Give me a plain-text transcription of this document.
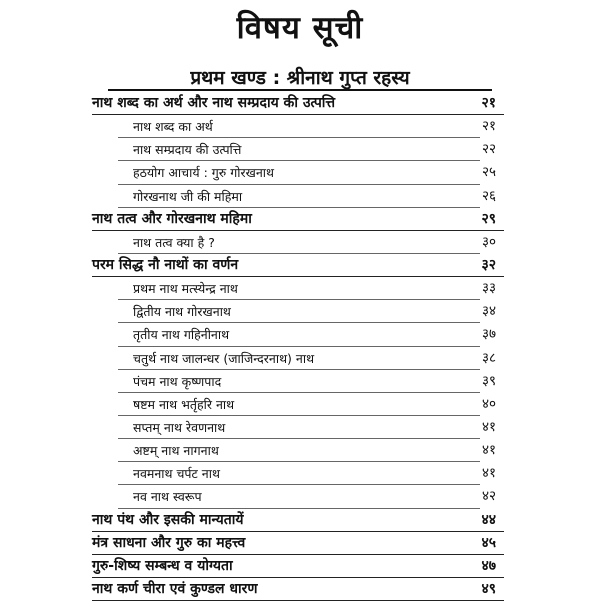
विषय सूची
प्रथम खण्ड : श्रीनाथ गुप्त रहस्य
नाथ शब्द का अर्थ और नाथ सम्प्रदाय की उत्पत्ति	२१
नाथ शब्द का अर्थ	२१
नाथ सम्प्रदाय की उत्पत्ति	२२
हठयोग आचार्य : गुरु गोरखनाथ	२५
गोरखनाथ जी की महिमा	२६
नाथ तत्व और गोरखनाथ महिमा	२९
नाथ तत्व क्या है ?	३०
परम सिद्ध नौ नाथों का वर्णन	३२
प्रथम नाथ मत्स्येन्द्र नाथ	३३
द्वितीय नाथ गोरखनाथ	३४
तृतीय नाथ गहिनीनाथ	३७
चतुर्थ नाथ जालन्धर (जाजिन्दरनाथ) नाथ	३८
पंचम नाथ कृष्णपाद	३९
षष्टम नाथ भर्तृहरि नाथ	४०
सप्तम् नाथ रेवणनाथ	४१
अष्टम् नाथ नागनाथ	४१
नवमनाथ चर्पट नाथ	४१
नव नाथ स्वरूप	४२
नाथ पंथ और इसकी मान्यतायें	४४
मंत्र साधना और गुरु का महत्त्व	४५
गुरु-शिष्य सम्बन्ध व योग्यता	४७
नाथ कर्ण चीरा एवं कुण्डल धारण	४९
